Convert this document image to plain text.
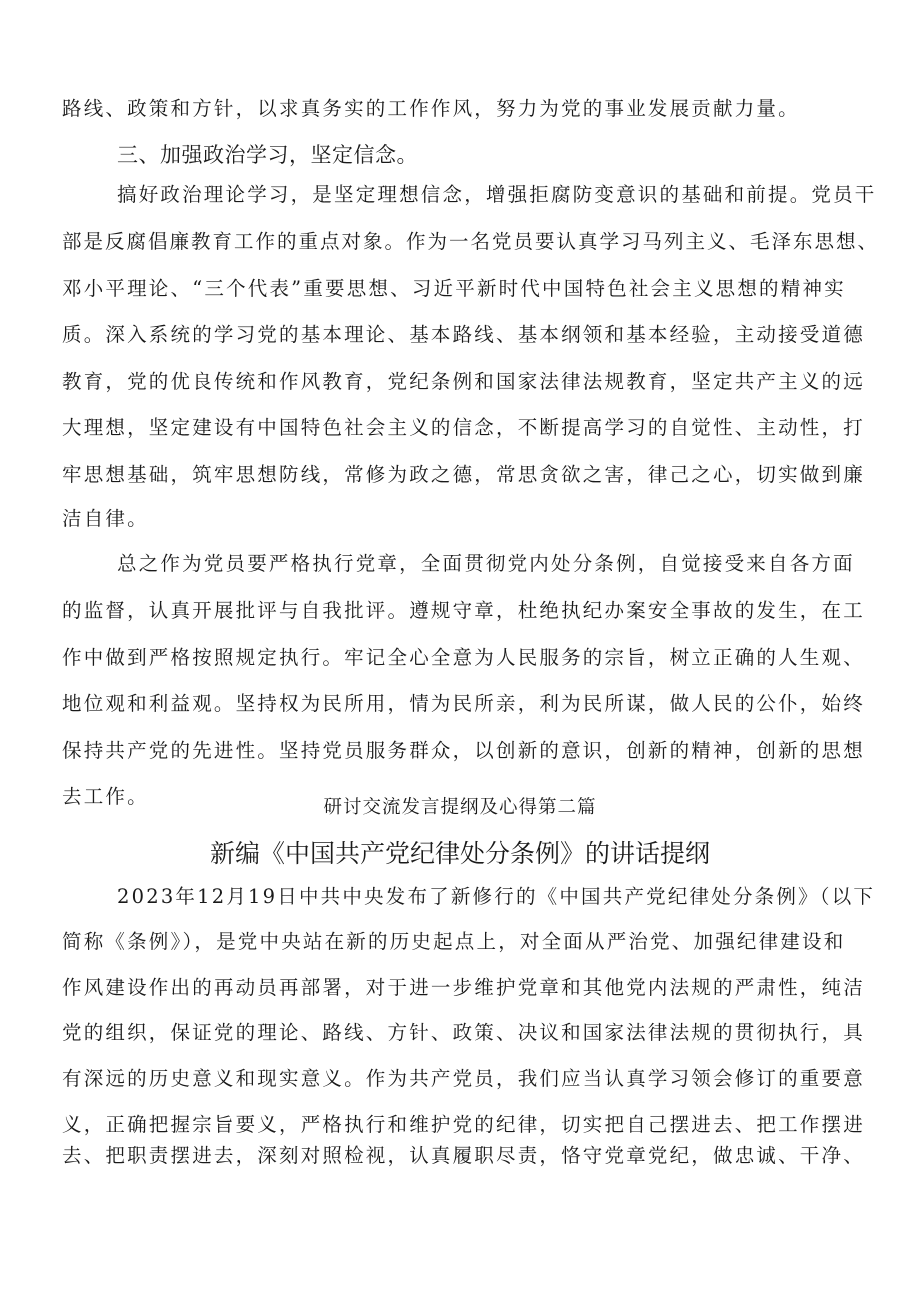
路线、政策和方针，以求真务实的工作作风，努力为党的事业发展贡献力量。
三、加强政治学习，坚定信念。
搞好政治理论学习，是坚定理想信念，增强拒腐防变意识的基础和前提。党员干
部是反腐倡廉教育工作的重点对象。作为一名党员要认真学习马列主义、毛泽东思想、
邓小平理论、“三个代表”重要思想、习近平新时代中国特色社会主义思想的精神实
质。深入系统的学习党的基本理论、基本路线、基本纲领和基本经验，主动接受道德
教育，党的优良传统和作风教育，党纪条例和国家法律法规教育，坚定共产主义的远
大理想，坚定建设有中国特色社会主义的信念，不断提高学习的自觉性、主动性，打
牢思想基础，筑牢思想防线，常修为政之德，常思贪欲之害，律己之心，切实做到廉
洁自律。
总之作为党员要严格执行党章，全面贯彻党内处分条例，自觉接受来自各方面
的监督，认真开展批评与自我批评。遵规守章，杜绝执纪办案安全事故的发生，在工
作中做到严格按照规定执行。牢记全心全意为人民服务的宗旨，树立正确的人生观、
地位观和利益观。坚持权为民所用，情为民所亲，利为民所谋，做人民的公仆，始终
保持共产党的先进性。坚持党员服务群众，以创新的意识，创新的精神，创新的思想
去工作。	研讨交流发言提纲及心得第二篇
新编《中国共产党纪律处分条例》的讲话提纲
2023年12月19日中共中央发布了新修行的《中国共产党纪律处分条例》（以下
简称《条例》），是党中央站在新的历史起点上，对全面从严治党、加强纪律建设和
作风建设作出的再动员再部署，对于进一步维护党章和其他党内法规的严肃性，纯洁
党的组织，保证党的理论、路线、方针、政策、决议和国家法律法规的贯彻执行，具
有深远的历史意义和现实意义。作为共产党员，我们应当认真学习领会修订的重要意
义，正确把握宗旨要义，严格执行和维护党的纪律，切实把自己摆进去、把工作摆进
去、把职责摆进去，深刻对照检视，认真履职尽责，恪守党章党纪，做忠诚、干净、
